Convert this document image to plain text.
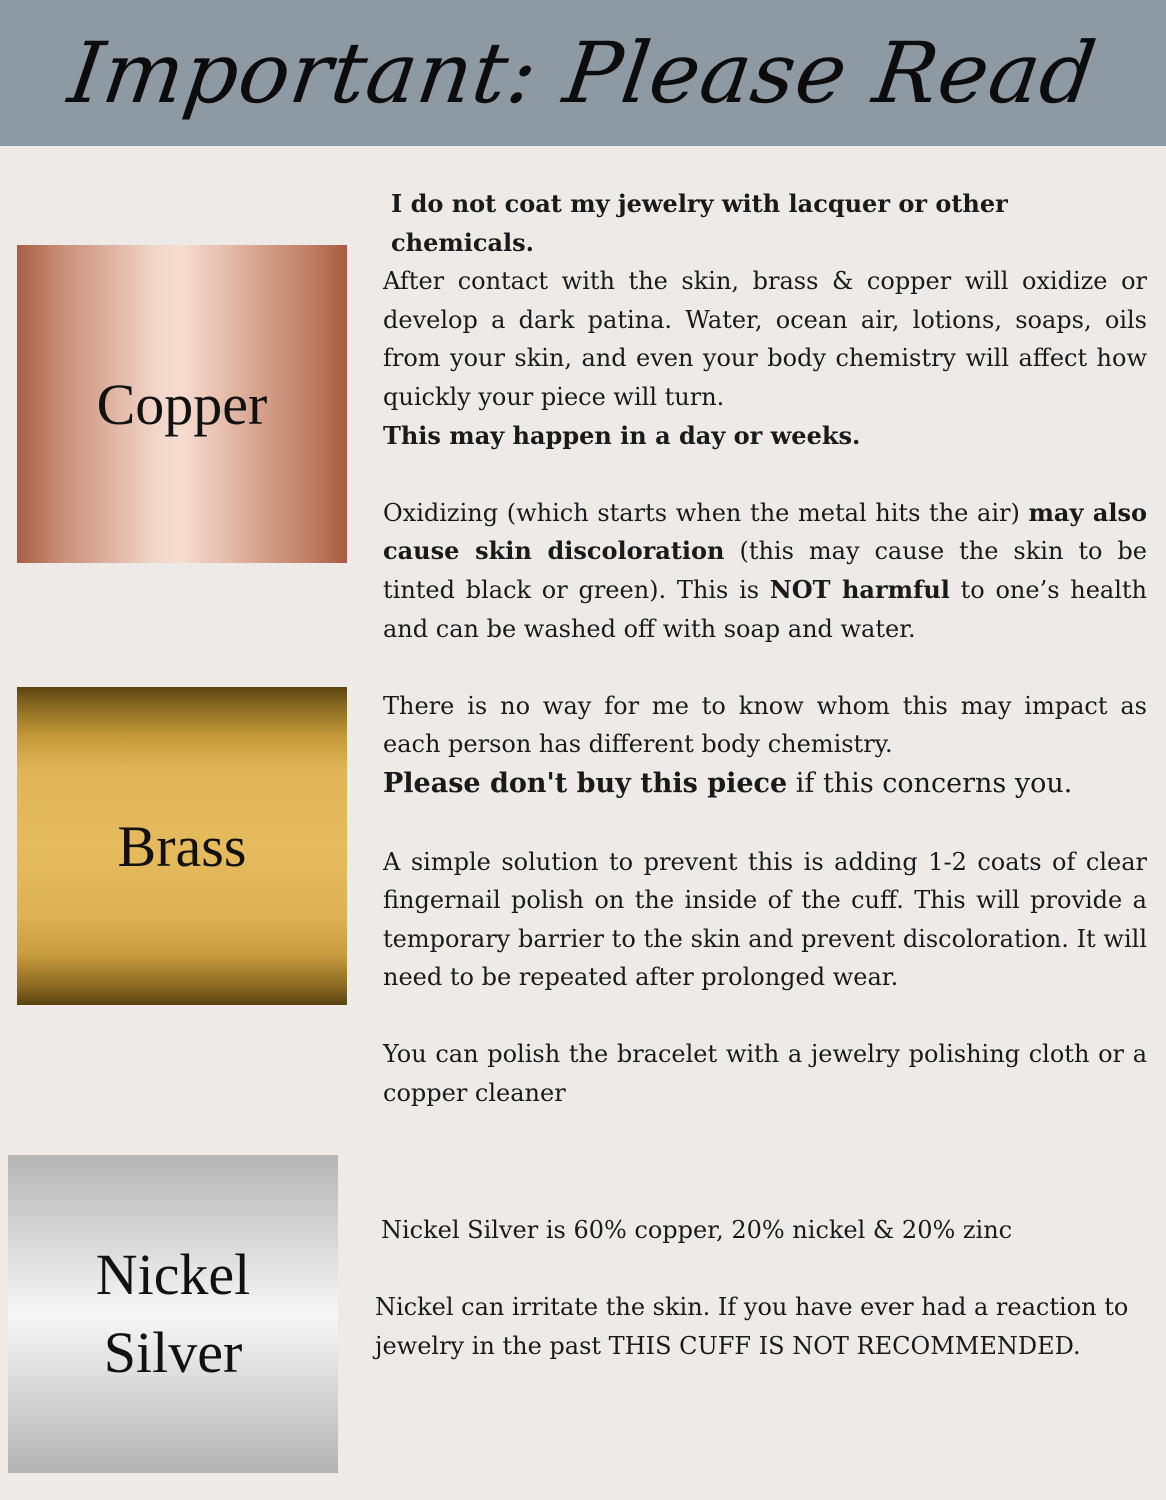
Important: Please Read
Copper
Brass
Nickel
Silver

I do not coat my jewelry with lacquer or other chemicals.

After contact with the skin, brass & copper will oxidize or develop a dark patina. Water, ocean air, lotions, soaps, oils from your skin, and even your body chemistry will affect how quickly your piece will turn.

This may happen in a day or weeks.

Oxidizing (which starts when the metal hits the air) may also cause skin discoloration (this may cause the skin to be tinted black or green). This is NOT harmful to one’s health and can be washed off with soap and water.

There is no way for me to know whom this may impact as each person has different body chemistry.

Please don't buy this piece if this concerns you.

A simple solution to prevent this is adding 1-2 coats of clear fingernail polish on the inside of the cuff. This will provide a temporary barrier to the skin and prevent discoloration. It will need to be repeated after prolonged wear.

You can polish the bracelet with a jewelry polishing cloth or a copper cleaner

Nickel Silver is 60% copper, 20% nickel & 20% zinc

Nickel can irritate the skin. If you have ever had a reaction to jewelry in the past THIS CUFF IS NOT RECOMMENDED.
